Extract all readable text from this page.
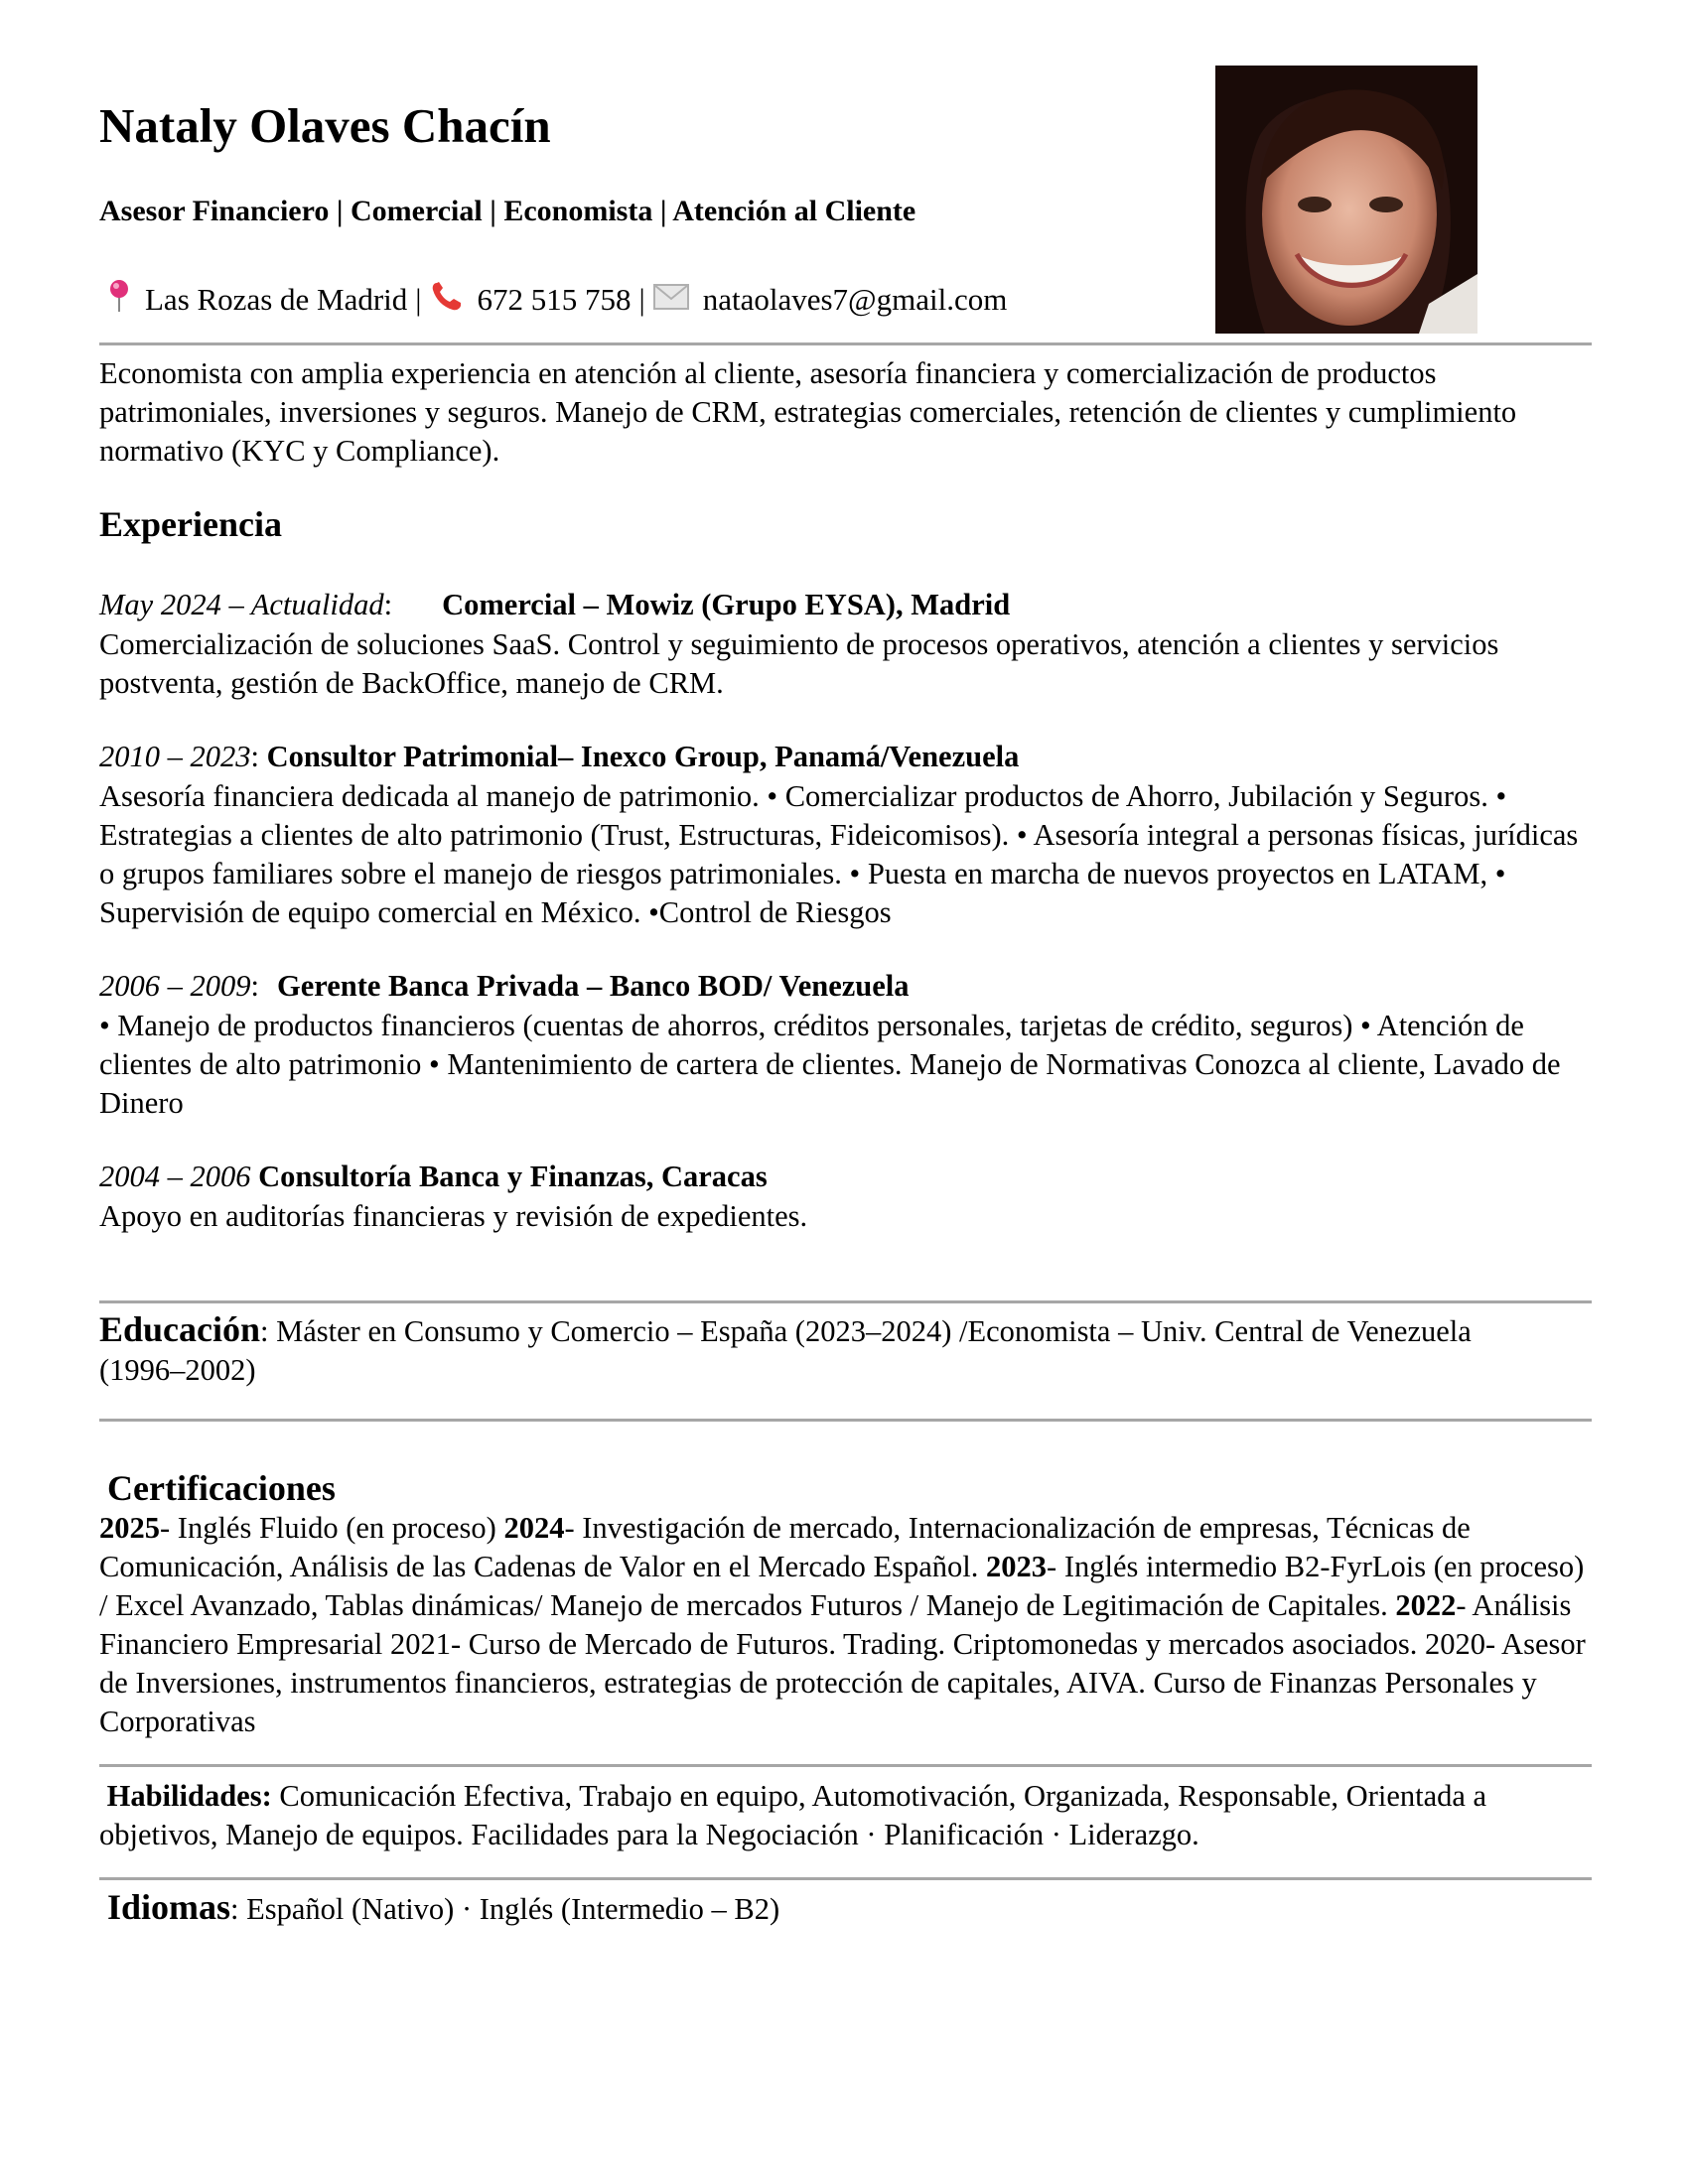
Nataly Olaves Chacín
Asesor Financiero | Comercial | Economista | Atención al Cliente
Las Rozas de Madrid | 672 515 758 | nataolaves7@gmail.com
Economista con amplia experiencia en atención al cliente, asesoría financiera y comercialización de productos patrimoniales, inversiones y seguros. Manejo de CRM, estrategias comerciales, retención de clientes y cumplimiento normativo (KYC y Compliance).
Experiencia
May 2024 – Actualidad: Comercial – Mowiz (Grupo EYSA), Madrid
Comercialización de soluciones SaaS. Control y seguimiento de procesos operativos, atención a clientes y servicios postventa, gestión de BackOffice, manejo de CRM.
2010 – 2023: Consultor Patrimonial– Inexco Group, Panamá/Venezuela
Asesoría financiera dedicada al manejo de patrimonio. • Comercializar productos de Ahorro, Jubilación y Seguros. • Estrategias a clientes de alto patrimonio (Trust, Estructuras, Fideicomisos). • Asesoría integral a personas físicas, jurídicas o grupos familiares sobre el manejo de riesgos patrimoniales. • Puesta en marcha de nuevos proyectos en LATAM, • Supervisión de equipo comercial en México. •Control de Riesgos
2006 – 2009: Gerente Banca Privada – Banco BOD/ Venezuela
• Manejo de productos financieros (cuentas de ahorros, créditos personales, tarjetas de crédito, seguros) • Atención de clientes de alto patrimonio • Mantenimiento de cartera de clientes. Manejo de Normativas Conozca al cliente, Lavado de Dinero
2004 – 2006 Consultoría Banca y Finanzas, Caracas
Apoyo en auditorías financieras y revisión de expedientes.
Educación: Máster en Consumo y Comercio – España (2023–2024) /Economista – Univ. Central de Venezuela (1996–2002)
Certificaciones
2025- Inglés Fluido (en proceso) 2024- Investigación de mercado, Internacionalización de empresas, Técnicas de Comunicación, Análisis de las Cadenas de Valor en el Mercado Español. 2023- Inglés intermedio B2-FyrLois (en proceso) / Excel Avanzado, Tablas dinámicas/ Manejo de mercados Futuros / Manejo de Legitimación de Capitales. 2022- Análisis Financiero Empresarial 2021- Curso de Mercado de Futuros. Trading. Criptomonedas y mercados asociados. 2020- Asesor de Inversiones, instrumentos financieros, estrategias de protección de capitales, AIVA. Curso de Finanzas Personales y Corporativas
Habilidades: Comunicación Efectiva, Trabajo en equipo, Automotivación, Organizada, Responsable, Orientada a objetivos, Manejo de equipos. Facilidades para la Negociación · Planificación · Liderazgo.
Idiomas: Español (Nativo) · Inglés (Intermedio – B2)
